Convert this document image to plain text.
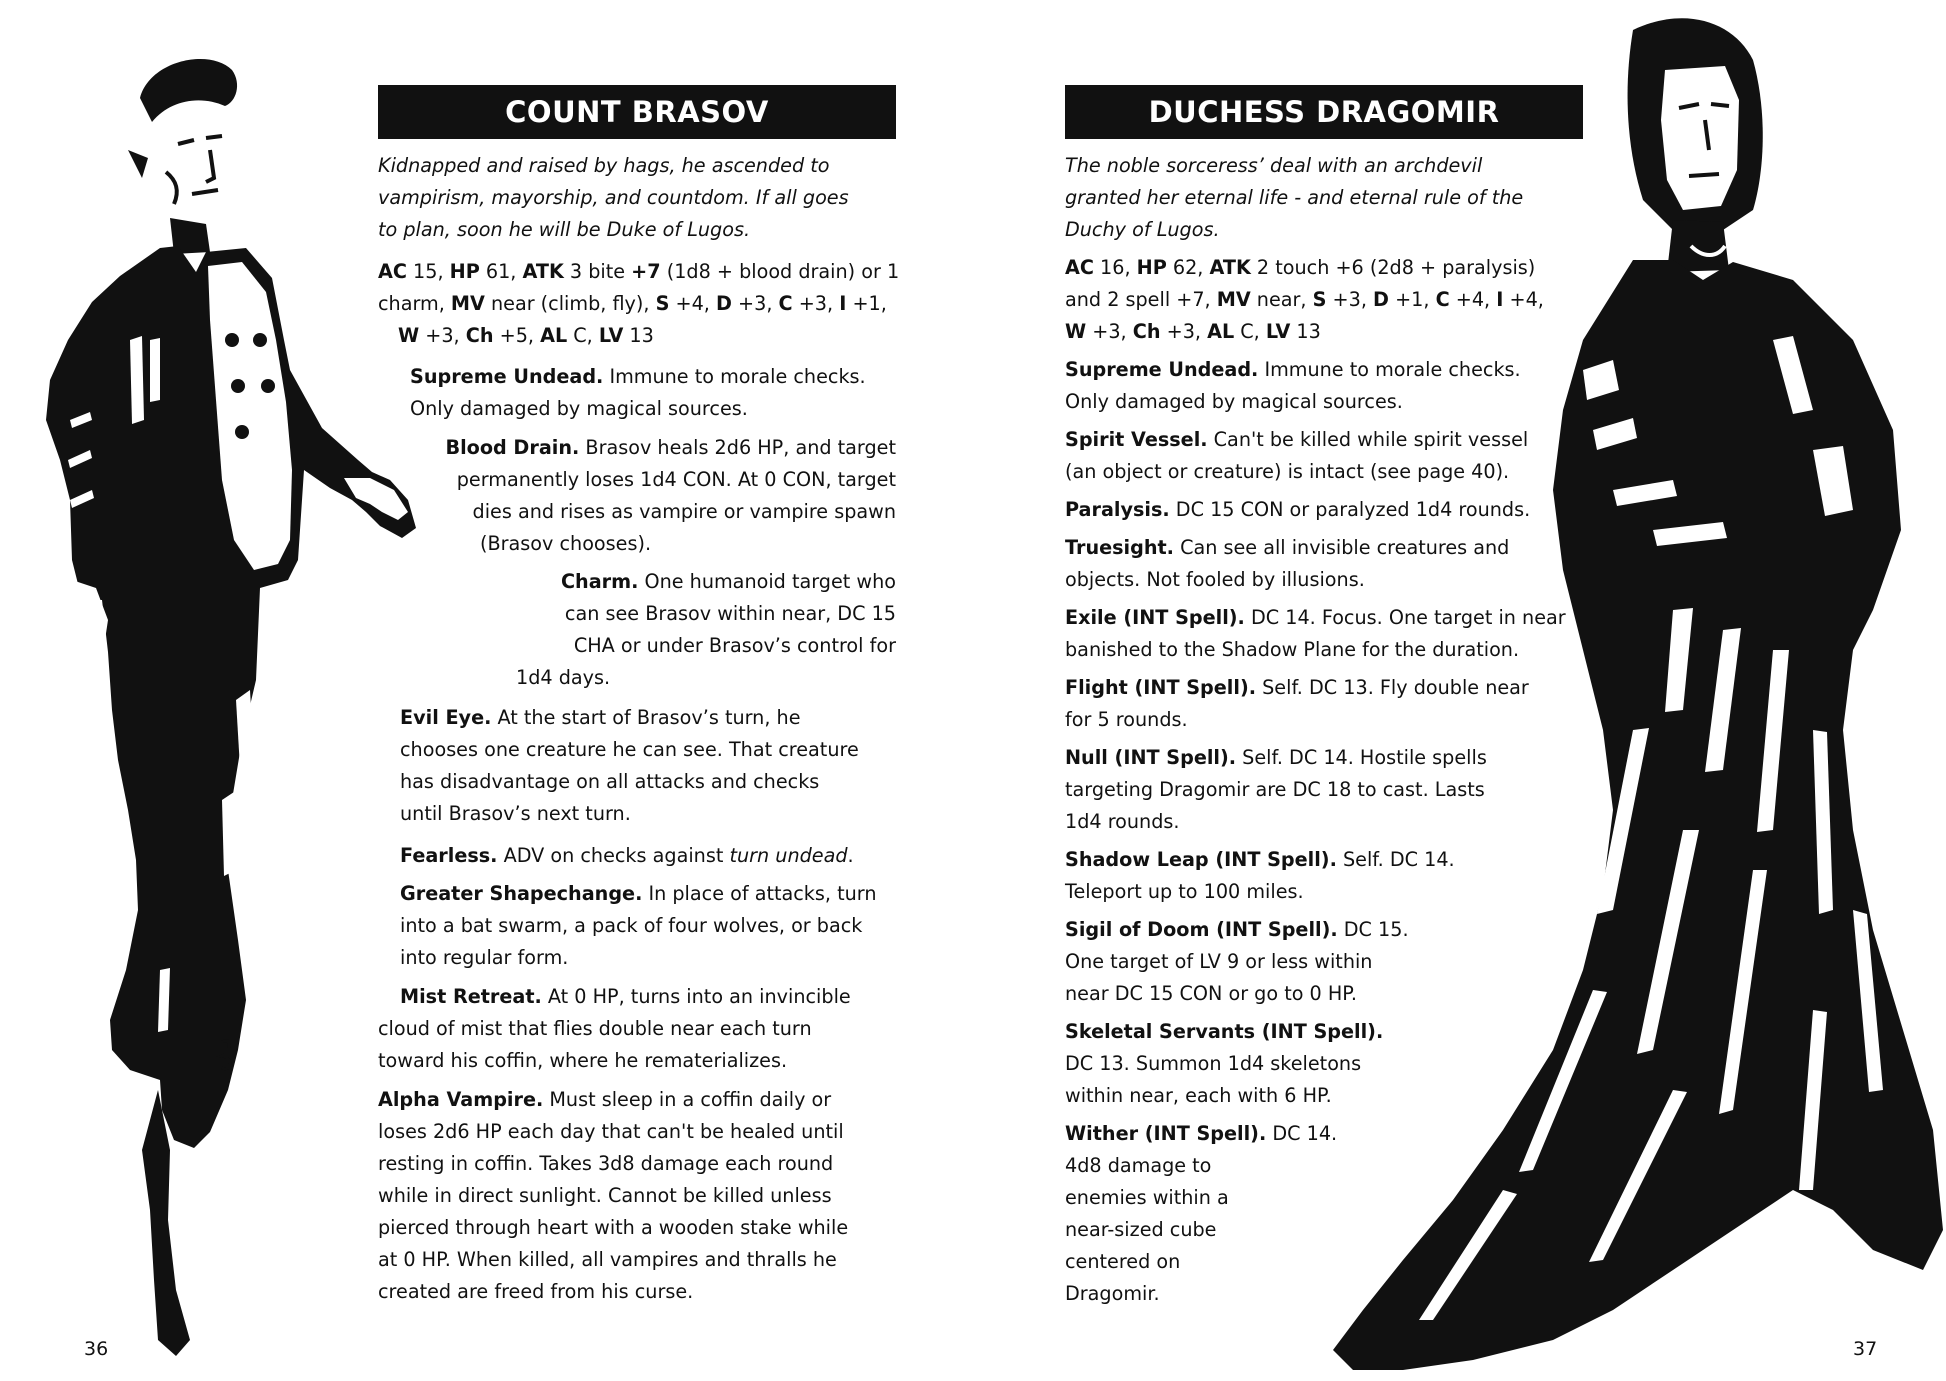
COUNT BRASOV

Kidnapped and raised by hags, he ascended to
vampirism, mayorship, and countdom. If all goes
to plan, soon he will be Duke of Lugos.

AC 15, HP 61, ATK 3 bite +7 (1d8 + blood drain) or 1
charm, MV near (climb, fly), S +4, D +3, C +3, I +1,
W +3, Ch +5, AL C, LV 13

Supreme Undead. Immune to morale checks.
Only damaged by magical sources.

Blood Drain. Brasov heals 2d6 HP, and target
permanently loses 1d4 CON. At 0 CON, target
dies and rises as vampire or vampire spawn
(Brasov chooses).

Charm. One humanoid target who
can see Brasov within near, DC 15
CHA or under Brasov’s control for
1d4 days.

Evil Eye. At the start of Brasov’s turn, he
chooses one creature he can see. That creature
has disadvantage on all attacks and checks
until Brasov’s next turn.

Fearless. ADV on checks against turn undead.

Greater Shapechange. In place of attacks, turn
into a bat swarm, a pack of four wolves, or back
into regular form.

Mist Retreat. At 0 HP, turns into an invincible
cloud of mist that flies double near each turn
toward his coffin, where he rematerializes.

Alpha Vampire. Must sleep in a coffin daily or
loses 2d6 HP each day that can't be healed until
resting in coffin. Takes 3d8 damage each round
while in direct sunlight. Cannot be killed unless
pierced through heart with a wooden stake while
at 0 HP. When killed, all vampires and thralls he
created are freed from his curse.

36
DUCHESS DRAGOMIR

The noble sorceress’ deal with an archdevil
granted her eternal life - and eternal rule of the
Duchy of Lugos.

AC 16, HP 62, ATK 2 touch +6 (2d8 + paralysis)
and 2 spell +7, MV near, S +3, D +1, C +4, I +4,
W +3, Ch +3, AL C, LV 13

Supreme Undead. Immune to morale checks.
Only damaged by magical sources.

Spirit Vessel. Can't be killed while spirit vessel
(an object or creature) is intact (see page 40).

Paralysis. DC 15 CON or paralyzed 1d4 rounds.

Truesight. Can see all invisible creatures and
objects. Not fooled by illusions.

Exile (INT Spell). DC 14. Focus. One target in near
banished to the Shadow Plane for the duration.

Flight (INT Spell). Self. DC 13. Fly double near
for 5 rounds.

Null (INT Spell). Self. DC 14. Hostile spells
targeting Dragomir are DC 18 to cast. Lasts
1d4 rounds.

Shadow Leap (INT Spell). Self. DC 14.
Teleport up to 100 miles.

Sigil of Doom (INT Spell). DC 15.
One target of LV 9 or less within
near DC 15 CON or go to 0 HP.

Skeletal Servants (INT Spell).
DC 13. Summon 1d4 skeletons
within near, each with 6 HP.

Wither (INT Spell). DC 14.
4d8 damage to
enemies within a
near-sized cube
centered on
Dragomir.

37
